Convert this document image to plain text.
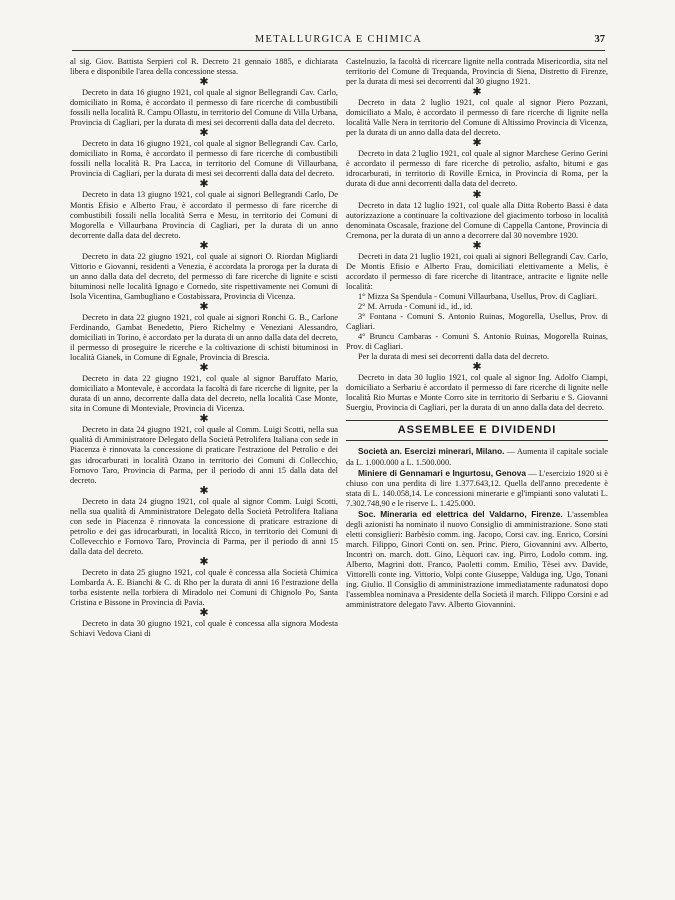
METALLURGICA E CHIMICA	37

al sig. Giov. Battista Serpieri col R. Decreto 21 gennaio 1885, e dichiarata libera e disponibile l'area della concessione stessa.

✱

Decreto in data 16 giugno 1921, col quale al signor Bellegrandi Cav. Carlo, domiciliato in Roma, è accordato il permesso di fare ricerche di combustibili fossili nella località R. Campu Ollastu, in territorio del Comune di Villa Urbana, Provincia di Cagliari, per la durata di mesi sei decorrenti dalla data del decreto.

✱

Decreto in data 16 giugno 1921, col quale al signor Bellegrandi Cav. Carlo, domiciliato in Roma, è accordato il permesso di fare ricerche di combustibili fossili nella località R. Pra Lacca, in territorio del Comune di Villaurbana, Provincia di Cagliari, per la durata di mesi sei decorrenti dalla data del decreto.

✱

Decreto in data 13 giugno 1921, col quale ai signori Bellegrandi Carlo, De Montis Efisio e Alberto Frau, è accordato il permesso di fare ricerche di combustibili fossili nella località Serra e Mesu, in territorio dei Comuni di Mogorella e Villaurbana Provincia di Cagliari, per la durata di un anno decorrente dalla data del decreto.

✱

Decreto in data 22 giugno 1921, col quale ai signori O. Riordan Migliardi Vittorio e Giovanni, residenti a Venezia, è accordata la proroga per la durata di un anno dalla data del decreto, del permesso di fare ricerche di lignite e scisti bituminosi nelle località Ignago e Cornedo, site rispettivamente nei Comuni di Isola Vicentina, Gambugliano e Costabissara, Provincia di Vicenza.

✱

Decreto in data 22 giugno 1921, col quale ai signori Ronchi G. B., Carlone Ferdinando, Gambat Benedetto, Piero Richelmy e Veneziani Alessandro, domiciliati in Torino, è accordato per la durata di un anno dalla data del decreto, il permesso di proseguire le ricerche e la coltivazione di schisti bituminosi in località Gianek, in Comune di Egnale, Provincia di Brescia.

✱

Decreto in data 22 giugno 1921, col quale al signor Baruffato Mario, domiciliato a Montevale, è accordata la facoltà di fare ricerche di lignite, per la durata di un anno, decorrente dalla data del decreto, nella località Case Monte, sita in Comune di Monteviale, Provincia di Vicenza.

✱

Decreto in data 24 giugno 1921, col quale al Comm. Luigi Scotti, nella sua qualità di Amministratore Delegato della Società Petrolifera Italiana con sede in Piacenza è rinnovata la concessione di praticare l'estrazione del Petrolio e dei gas idrocarburati in località Ozano in territorio dei Comuni di Collecchio, Fornovo Taro, Provincia di Parma, per il periodo di anni 15 dalla data del decreto.

✱

Decreto in data 24 giugno 1921, col quale al signor Comm. Luigi Scotti, nella sua qualità di Amministratore Delegato della Società Petrolifera Italiana con sede in Piacenza è rinnovata la concessione di praticare estrazione di petrolio e dei gas idrocarburati, in località Ricco, in territorio dei Comuni di Collevecchio e Fornovo Taro, Provincia di Parma, per il periodo di anni 15 dalla data del decreto.

✱

Decreto in data 25 giugno 1921, col quale è concessa alla Società Chimica Lombarda A. E. Bianchi & C. di Rho per la durata di anni 16 l'estrazione della torba esistente nella torbiera di Miradolo nei Comuni di Chignolo Po, Santa Cristina e Bissone in Provincia di Pavia.

✱

Decreto in data 30 giugno 1921, col quale è concessa alla signora Modesta Schiavi Vedova Ciani di

Castelnuzio, la facoltà di ricercare lignite nella contrada Misericordia, sita nel territorio del Comune di Trequanda, Provincia di Siena, Distretto di Firenze, per la durata di mesi sei decorrenti dal 30 giugno 1921.

✱

Decreto in data 2 luglio 1921, col quale al signor Piero Pozzani, domiciliato a Malo, è accordato il permesso di fare ricerche di lignite nella località Valle Nera in territorio del Comune di Altissimo Provincia di Vicenza, per la durata di un anno dalla data del decreto.

✱

Decreto in data 2 luglio 1921, col quale al signor Marchese Gerino Gerini è accordato il permesso di fare ricerche di petrolio, asfalto, bitumi e gas idrocarburati, in territorio di Roville Ernica, in Provincia di Roma, per la durata di due anni decorrenti dalla data del decreto.

✱

Decreto in data 12 luglio 1921, col quale alla Ditta Roberto Bassi è data autorizzazione a continuare la coltivazione del giacimento torboso in località denominata Oscasale, frazione del Comune di Cappella Cantone, Provincia di Cremona, per la durata di un anno a decorrere dal 30 novembre 1920.

✱

Decreti in data 21 luglio 1921, coi quali ai signori Bellegrandi Cav. Carlo, De Montis Efisio e Alberto Frau, domiciliati elettivamente a Melis, è accordato il permesso di fare ricerche di litantrace, antracite e lignite nelle località:

1° Mizza Sa Spendula - Comuni Villaurbana, Usellus, Prov. di Cagliari.

2° M. Arruda - Comuni id., id., id.

3° Fontana - Comuni S. Antonio Ruinas, Mogorella, Usellus, Prov. di Cagliari.

4° Bruncu Cambaras - Comuni S. Antonio Ruinas, Mogorella Ruinas, Prov. di Cagliari.

Per la durata di mesi sei decorrenti dalla data del decreto.

✱

Decreto in data 30 luglio 1921, col quale al signor Ing. Adolfo Ciampi, domiciliato a Serbariu è accordato il permesso di fare ricerche di lignite nelle località Rio Murtas e Monte Corro site in territorio di Serbariu e S. Giovanni Suergiu, Provincia di Cagliari, per la durata di un anno dalla data del decreto.

ASSEMBLEE E DIVIDENDI

Società an. Esercizi minerari, Milano. — Aumenta il capitale sociale da L. 1.000.000 a L. 1.500.000.

Miniere di Gennamari e Ingurtosu, Genova — L'esercizio 1920 si è chiuso con una perdita di lire 1.377.643,12. Quella dell'anno precedente è stata di L. 140.058,14. Le concessioni minerarie e gl'impianti sono valutati L. 7.302.748,90 e le riserve L. 1.425.000.

Soc. Mineraria ed elettrica del Valdarno, Firenze. L'assemblea degli azionisti ha nominato il nuovo Consiglio di amministrazione. Sono stati eletti consiglieri: Barbèsio comm. ing. Jacopo, Corsi cav. ing. Enrico, Corsini march. Filippo, Ginori Conti on. sen. Princ. Piero, Giovannini avv. Alberto, Incontri on. march. dott. Gino, Lèquori cav. ing. Pirro, Lodolo comm. ing. Alberto, Magrini dott. Franco, Paoletti comm. Emilio, Tèsei avv. Davide, Vittorelli conte ing. Vittorio, Volpi conte Giuseppe, Valduga ing. Ugo, Tonani ing. Giulio. Il Consiglio di amministrazione immediatamente radunatosi dopo l'assemblea nominava a Presidente della Società il march. Filippo Corsini e ad amministratore delegato l'avv. Alberto Giovannini.
